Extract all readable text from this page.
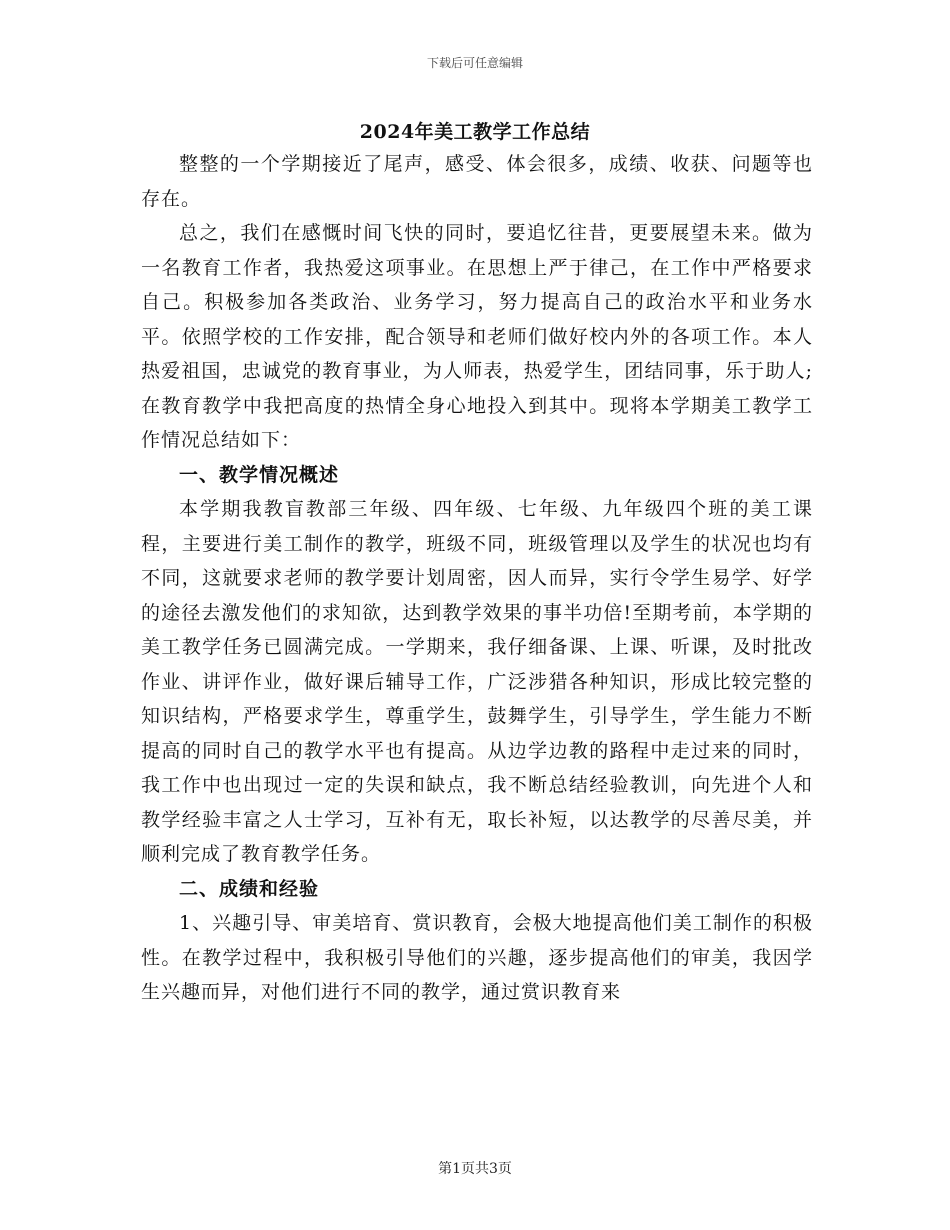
下载后可任意编辑
2024年美工教学工作总结

整整的一个学期接近了尾声，感受、体会很多，成绩、收获、问题等也存在。

总之，我们在感慨时间飞快的同时，要追忆往昔，更要展望未来。做为一名教育工作者，我热爱这项事业。在思想上严于律己，在工作中严格要求自己。积极参加各类政治、业务学习，努力提高自己的政治水平和业务水平。依照学校的工作安排，配合领导和老师们做好校内外的各项工作。本人热爱祖国，忠诚党的教育事业，为人师表，热爱学生，团结同事，乐于助人;在教育教学中我把高度的热情全身心地投入到其中。现将本学期美工教学工作情况总结如下：

一、教学情况概述

本学期我教盲教部三年级、四年级、七年级、九年级四个班的美工课程，主要进行美工制作的教学，班级不同，班级管理以及学生的状况也均有不同，这就要求老师的教学要计划周密，因人而异，实行令学生易学、好学的途径去激发他们的求知欲，达到教学效果的事半功倍!至期考前，本学期的美工教学任务已圆满完成。一学期来，我仔细备课、上课、听课，及时批改作业、讲评作业，做好课后辅导工作，广泛涉猎各种知识，形成比较完整的知识结构，严格要求学生，尊重学生，鼓舞学生，引导学生，学生能力不断提高的同时自己的教学水平也有提高。从边学边教的路程中走过来的同时，我工作中也出现过一定的失误和缺点，我不断总结经验教训，向先进个人和教学经验丰富之人士学习，互补有无，取长补短，以达教学的尽善尽美，并顺利完成了教育教学任务。

二、成绩和经验

1、兴趣引导、审美培育、赏识教育，会极大地提高他们美工制作的积极性。在教学过程中，我积极引导他们的兴趣，逐步提高他们的审美，我因学生兴趣而异，对他们进行不同的教学，通过赏识教育来

第1页共3页
